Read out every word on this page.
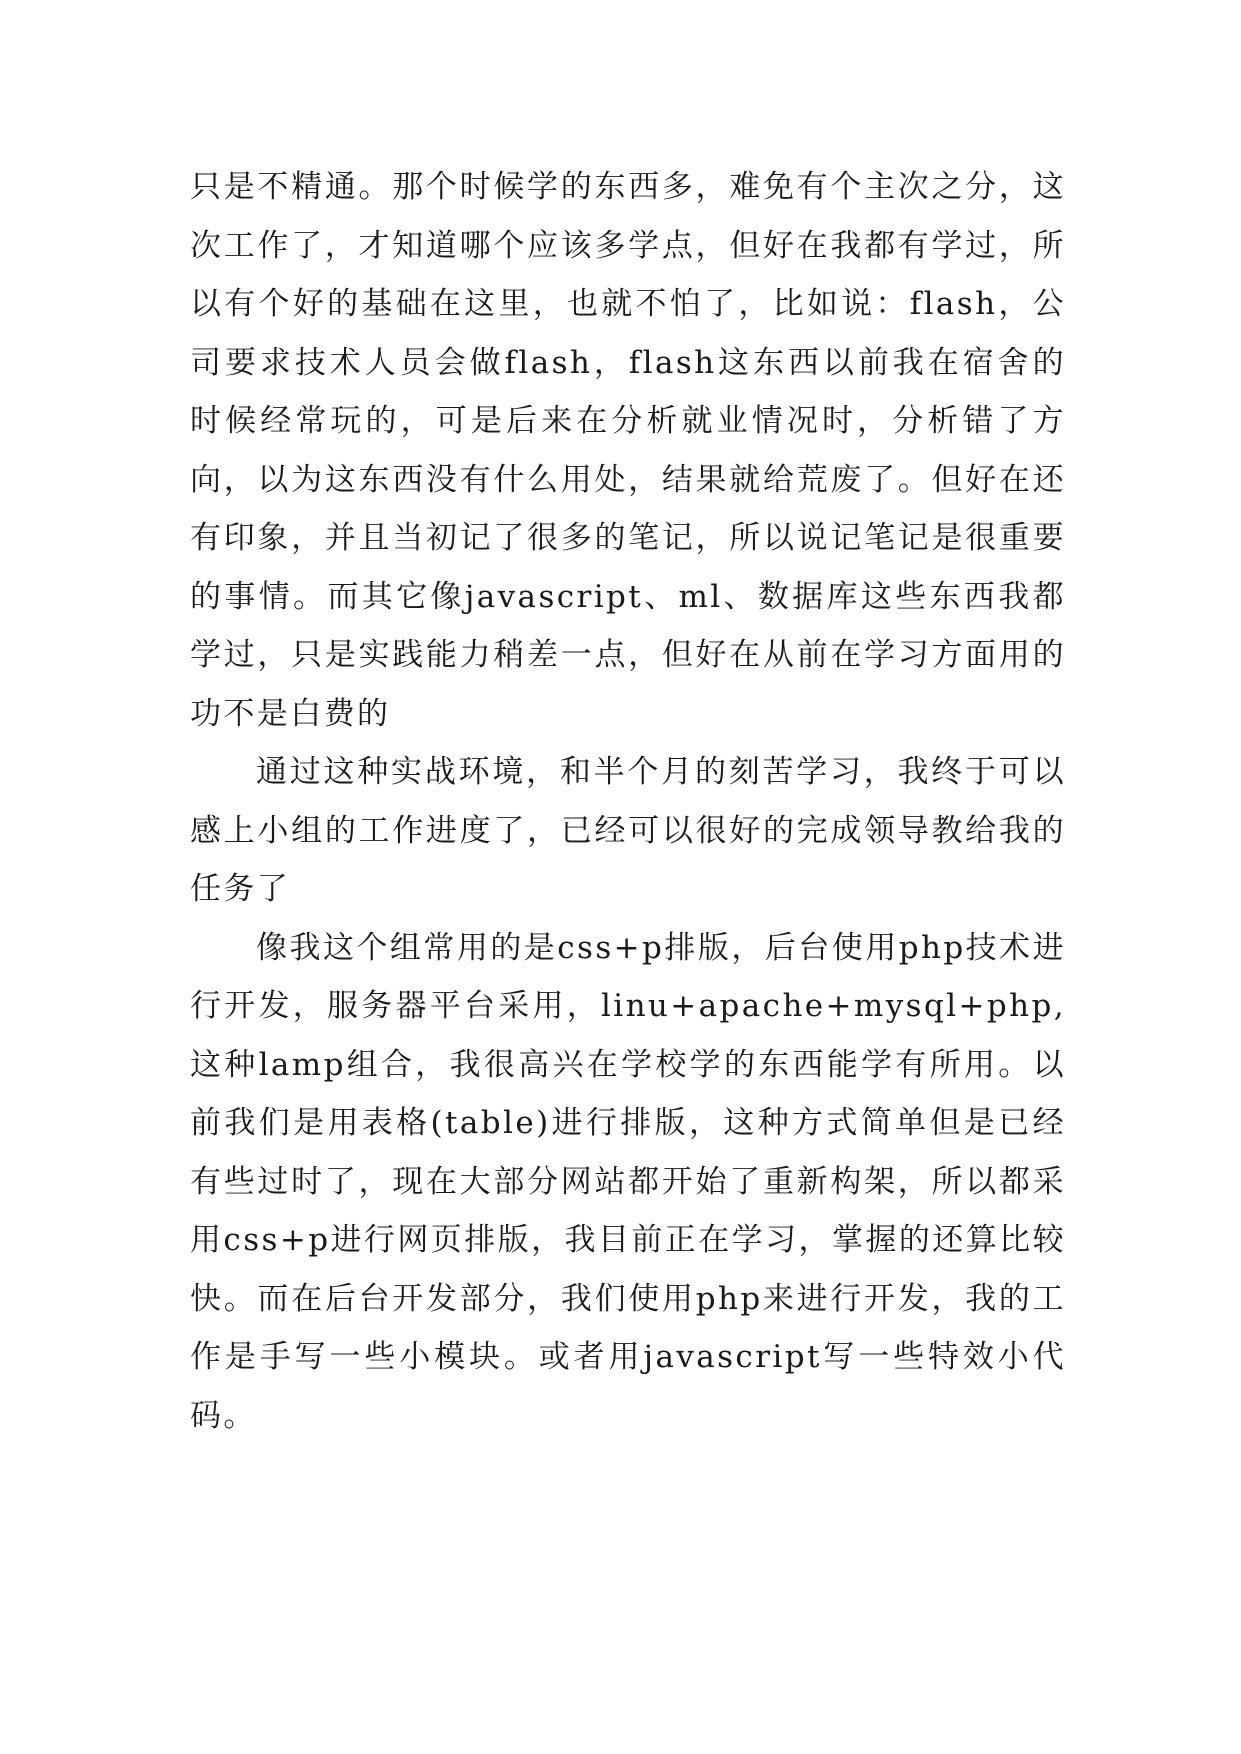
只是不精通。那个时候学的东西多，难免有个主次之分，这次工作了，才知道哪个应该多学点，但好在我都有学过，所以有个好的基础在这里，也就不怕了，比如说：flash，公司要求技术人员会做flash，flash这东西以前我在宿舍的时候经常玩的，可是后来在分析就业情况时，分析错了方向，以为这东西没有什么用处，结果就给荒废了。但好在还有印象，并且当初记了很多的笔记，所以说记笔记是很重要的事情。而其它像javascript、ml、数据库这些东西我都学过，只是实践能力稍差一点，但好在从前在学习方面用的功不是白费的

通过这种实战环境，和半个月的刻苦学习，我终于可以感上小组的工作进度了，已经可以很好的完成领导教给我的任务了

像我这个组常用的是css+p排版，后台使用php技术进行开发，服务器平台采用，linu+apache+mysql+php,这种lamp组合，我很高兴在学校学的东西能学有所用。以前我们是用表格(table)进行排版，这种方式简单但是已经有些过时了，现在大部分网站都开始了重新构架，所以都采用css+p进行网页排版，我目前正在学习，掌握的还算比较快。而在后台开发部分，我们使用php来进行开发，我的工作是手写一些小模块。或者用javascript写一些特效小代码。
